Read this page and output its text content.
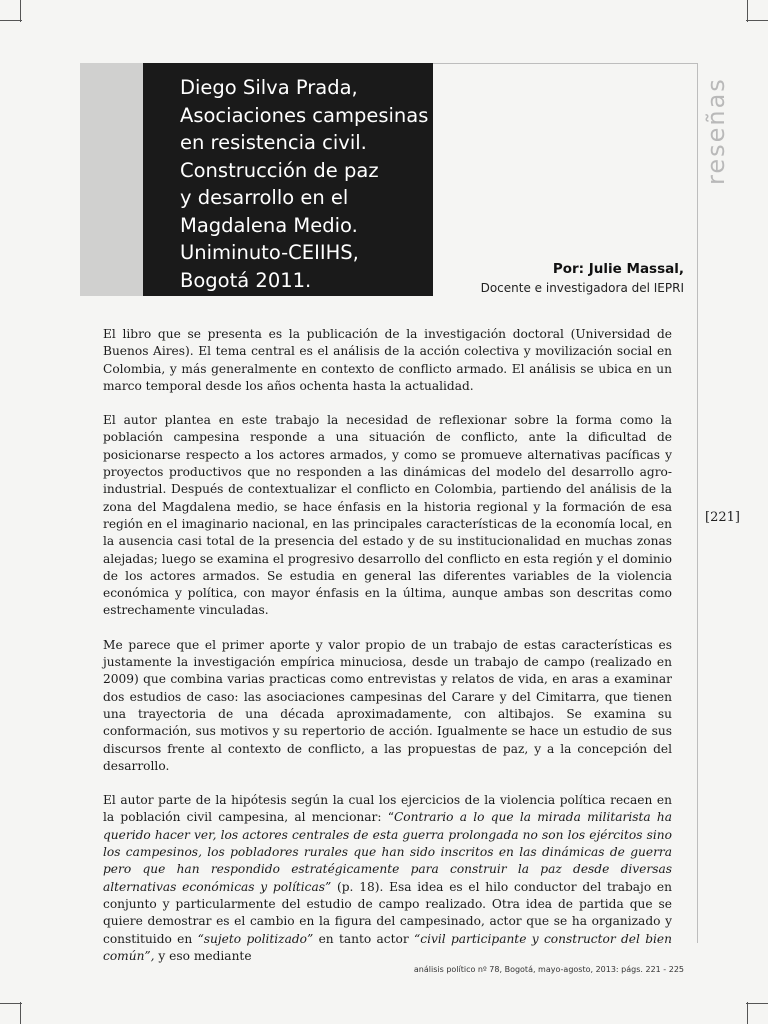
Diego Silva Prada,
Asociaciones campesinas
en resistencia civil.
Construcción de paz
y desarrollo en el
Magdalena Medio.
Uniminuto-CEIIHS,
Bogotá 2011.
reseñas
Por: Julie Massal,
Docente e investigadora del IEPRI
[221]

El libro que se presenta es la publicación de la investigación doctoral (Universidad de Buenos Aires). El tema central es el análisis de la acción colectiva y movilización social en Colombia, y más generalmente en contexto de conflicto armado. El análisis se ubica en un marco temporal desde los años ochenta hasta la actualidad.

El autor plantea en este trabajo la necesidad de reflexionar sobre la forma como la población campesina responde a una situación de conflicto, ante la dificultad de posicionarse respecto a los actores armados, y como se promueve alternativas pacíficas y proyectos productivos que no responden a las dinámicas del modelo del desarrollo agro-industrial. Después de contextualizar el conflicto en Colombia, partiendo del análisis de la zona del Magdalena medio, se hace énfasis en la historia regional y la formación de esa región en el imaginario nacional, en las principales características de la economía local, en la ausencia casi total de la presencia del estado y de su institucionalidad en muchas zonas alejadas; luego se examina el progresivo desarrollo del conflicto en esta región y el dominio de los actores armados. Se estudia en general las diferentes variables de la violencia económica y política, con mayor énfasis en la última, aunque ambas son descritas como estrechamente vinculadas.

Me parece que el primer aporte y valor propio de un trabajo de estas características es justamente la investigación empírica minuciosa, desde un trabajo de campo (realizado en 2009) que combina varias practicas como entrevistas y relatos de vida, en aras a examinar dos estudios de caso: las asociaciones campesinas del Carare y del Cimitarra, que tienen una trayectoria de una década aproximadamente, con altibajos. Se examina su conformación, sus motivos y su repertorio de acción. Igualmente se hace un estudio de sus discursos frente al contexto de conflicto, a las propuestas de paz, y a la concepción del desarrollo.

El autor parte de la hipótesis según la cual los ejercicios de la violencia política recaen en la población civil campesina, al mencionar: “Contrario a lo que la mirada militarista ha querido hacer ver, los actores centrales de esta guerra prolongada no son los ejércitos sino los campesinos, los pobladores rurales que han sido inscritos en las dinámicas de guerra pero que han respondido estratégicamente para construir la paz desde diversas alternativas económicas y políticas” (p. 18). Esa idea es el hilo conductor del trabajo en conjunto y particularmente del estudio de campo realizado. Otra idea de partida que se quiere demostrar es el cambio en la figura del campesinado, actor que se ha organizado y constituido en “sujeto politizado” en tanto actor “civil participante y constructor del bien común”, y eso mediante

análisis político nº 78, Bogotá, mayo-agosto, 2013: págs. 221 - 225
